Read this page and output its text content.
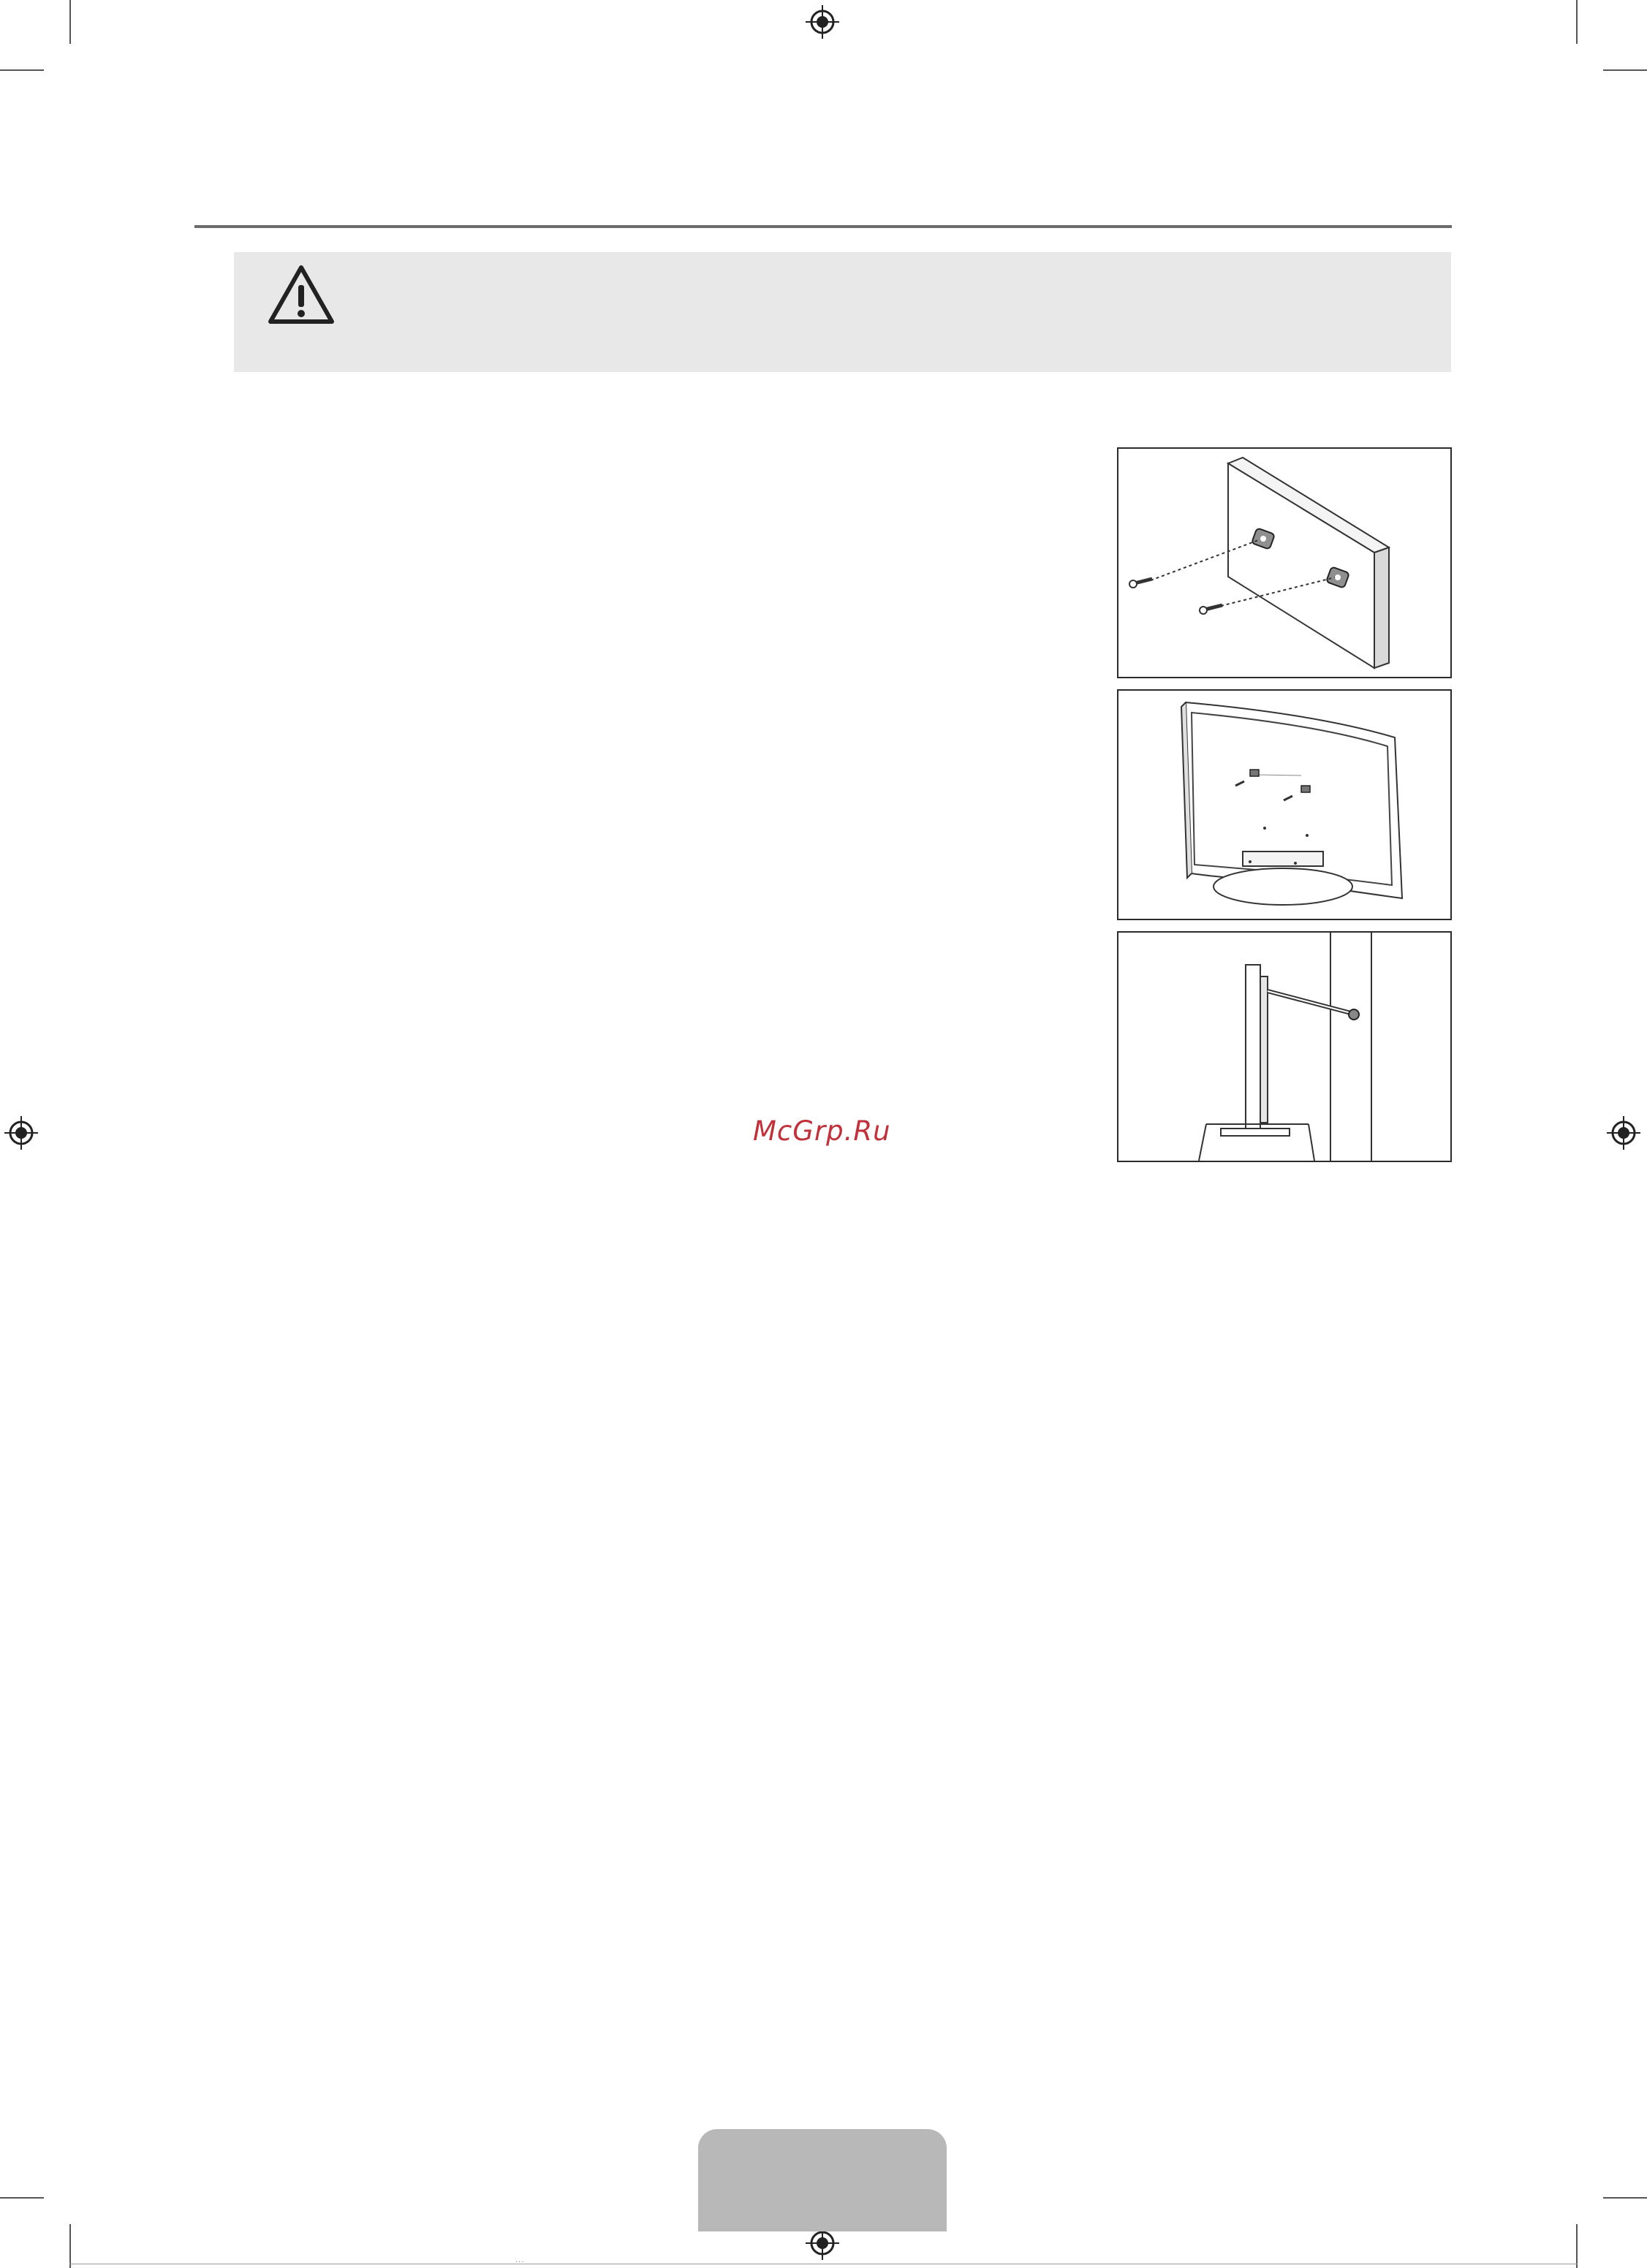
McGrp.Ru
...
